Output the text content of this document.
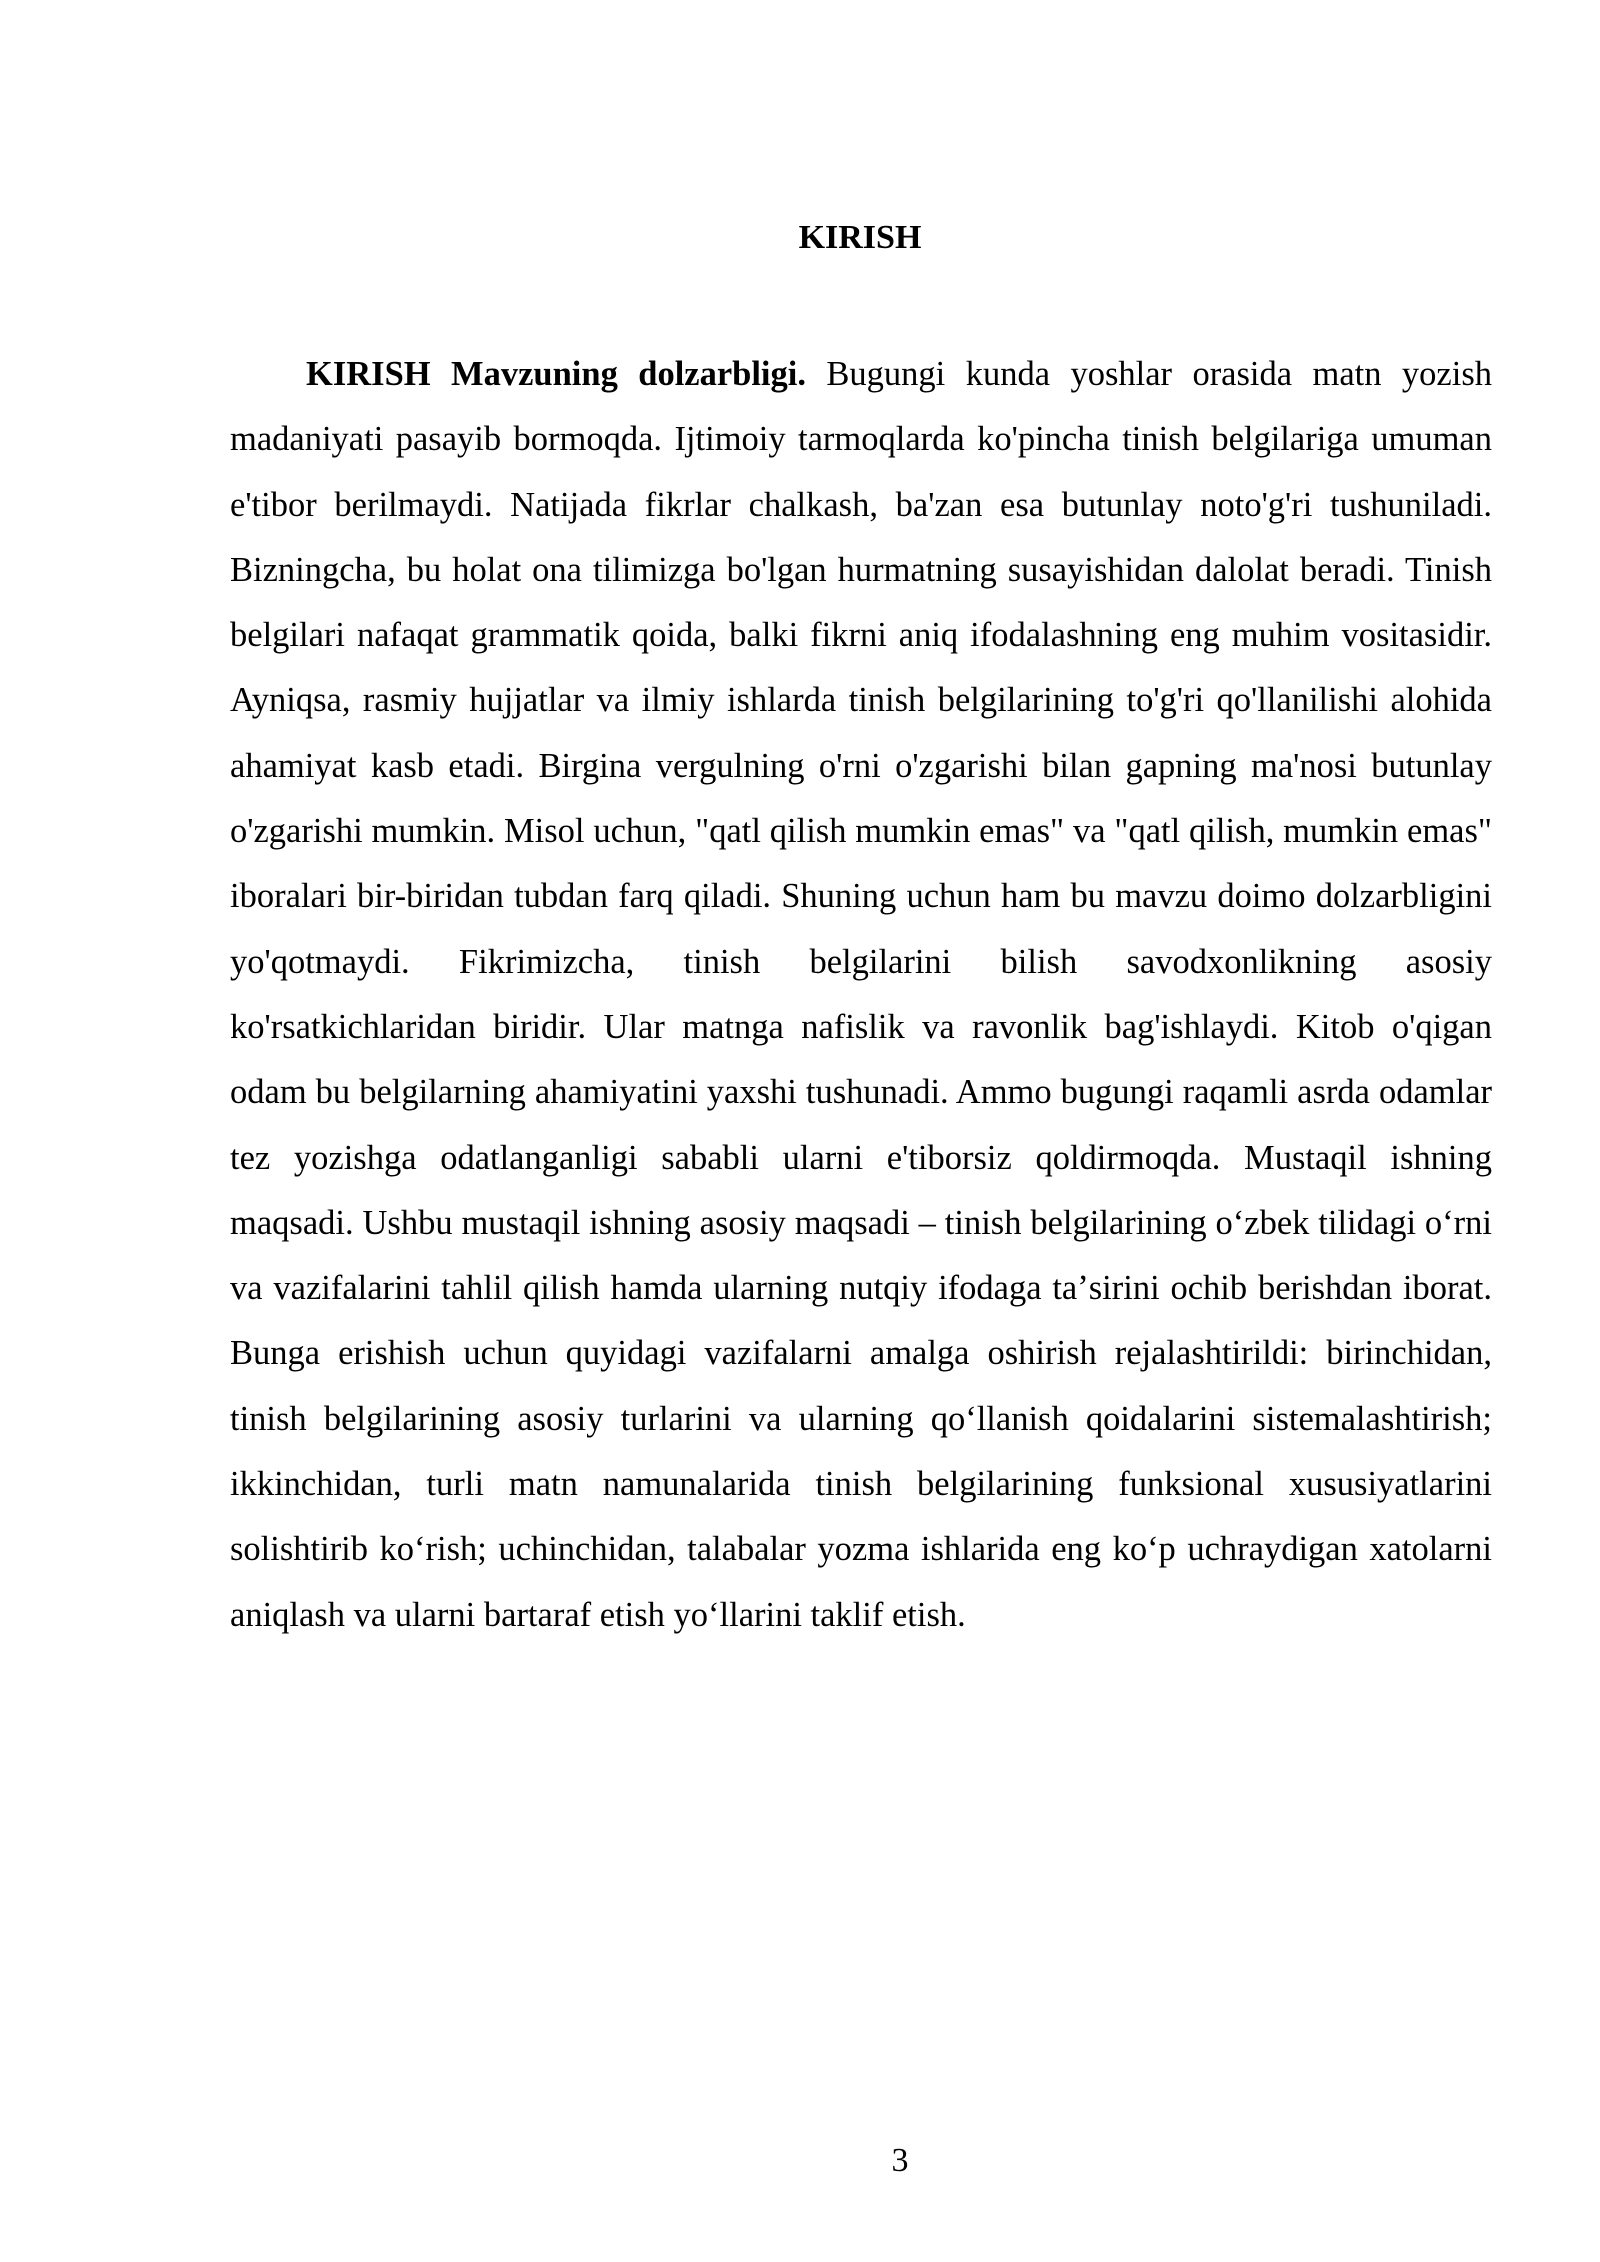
KIRISH

KIRISH Mavzuning dolzarbligi. Bugungi kunda yoshlar orasida matn yozish madaniyati pasayib bormoqda. Ijtimoiy tarmoqlarda ko'pincha tinish belgilariga umuman e'tibor berilmaydi. Natijada fikrlar chalkash, ba'zan esa butunlay noto'g'ri tushuniladi. Bizningcha, bu holat ona tilimizga bo'lgan hurmatning susayishidan dalolat beradi. Tinish belgilari nafaqat grammatik qoida, balki fikrni aniq ifodalashning eng muhim vositasidir. Ayniqsa, rasmiy hujjatlar va ilmiy ishlarda tinish belgilarining to'g'ri qo'llanilishi alohida ahamiyat kasb etadi. Birgina vergulning o'rni o'zgarishi bilan gapning ma'nosi butunlay o'zgarishi mumkin. Misol uchun, "qatl qilish mumkin emas" va "qatl qilish, mumkin emas" iboralari bir-biridan tubdan farq qiladi. Shuning uchun ham bu mavzu doimo dolzarbligini yo'qotmaydi. Fikrimizcha, tinish belgilarini bilish savodxonlikning asosiy ko'rsatkichlaridan biridir. Ular matnga nafislik va ravonlik bag'ishlaydi. Kitob o'qigan odam bu belgilarning ahamiyatini yaxshi tushunadi. Ammo bugungi raqamli asrda odamlar tez yozishga odatlanganligi sababli ularni e'tiborsiz qoldirmoqda. Mustaqil ishning maqsadi. Ushbu mustaqil ishning asosiy maqsadi – tinish belgilarining oʻzbek tilidagi oʻrni va vazifalarini tahlil qilish hamda ularning nutqiy ifodaga taʼsirini ochib berishdan iborat. Bunga erishish uchun quyidagi vazifalarni amalga oshirish rejalashtirildi: birinchidan, tinish belgilarining asosiy turlarini va ularning qoʻllanish qoidalarini sistemalashtirish; ikkinchidan, turli matn namunalarida tinish belgilarining funksional xususiyatlarini solishtirib koʻrish; uchinchidan, talabalar yozma ishlarida eng koʻp uchraydigan xatolarni aniqlash va ularni bartaraf etish yoʻllarini taklif etish.

3
